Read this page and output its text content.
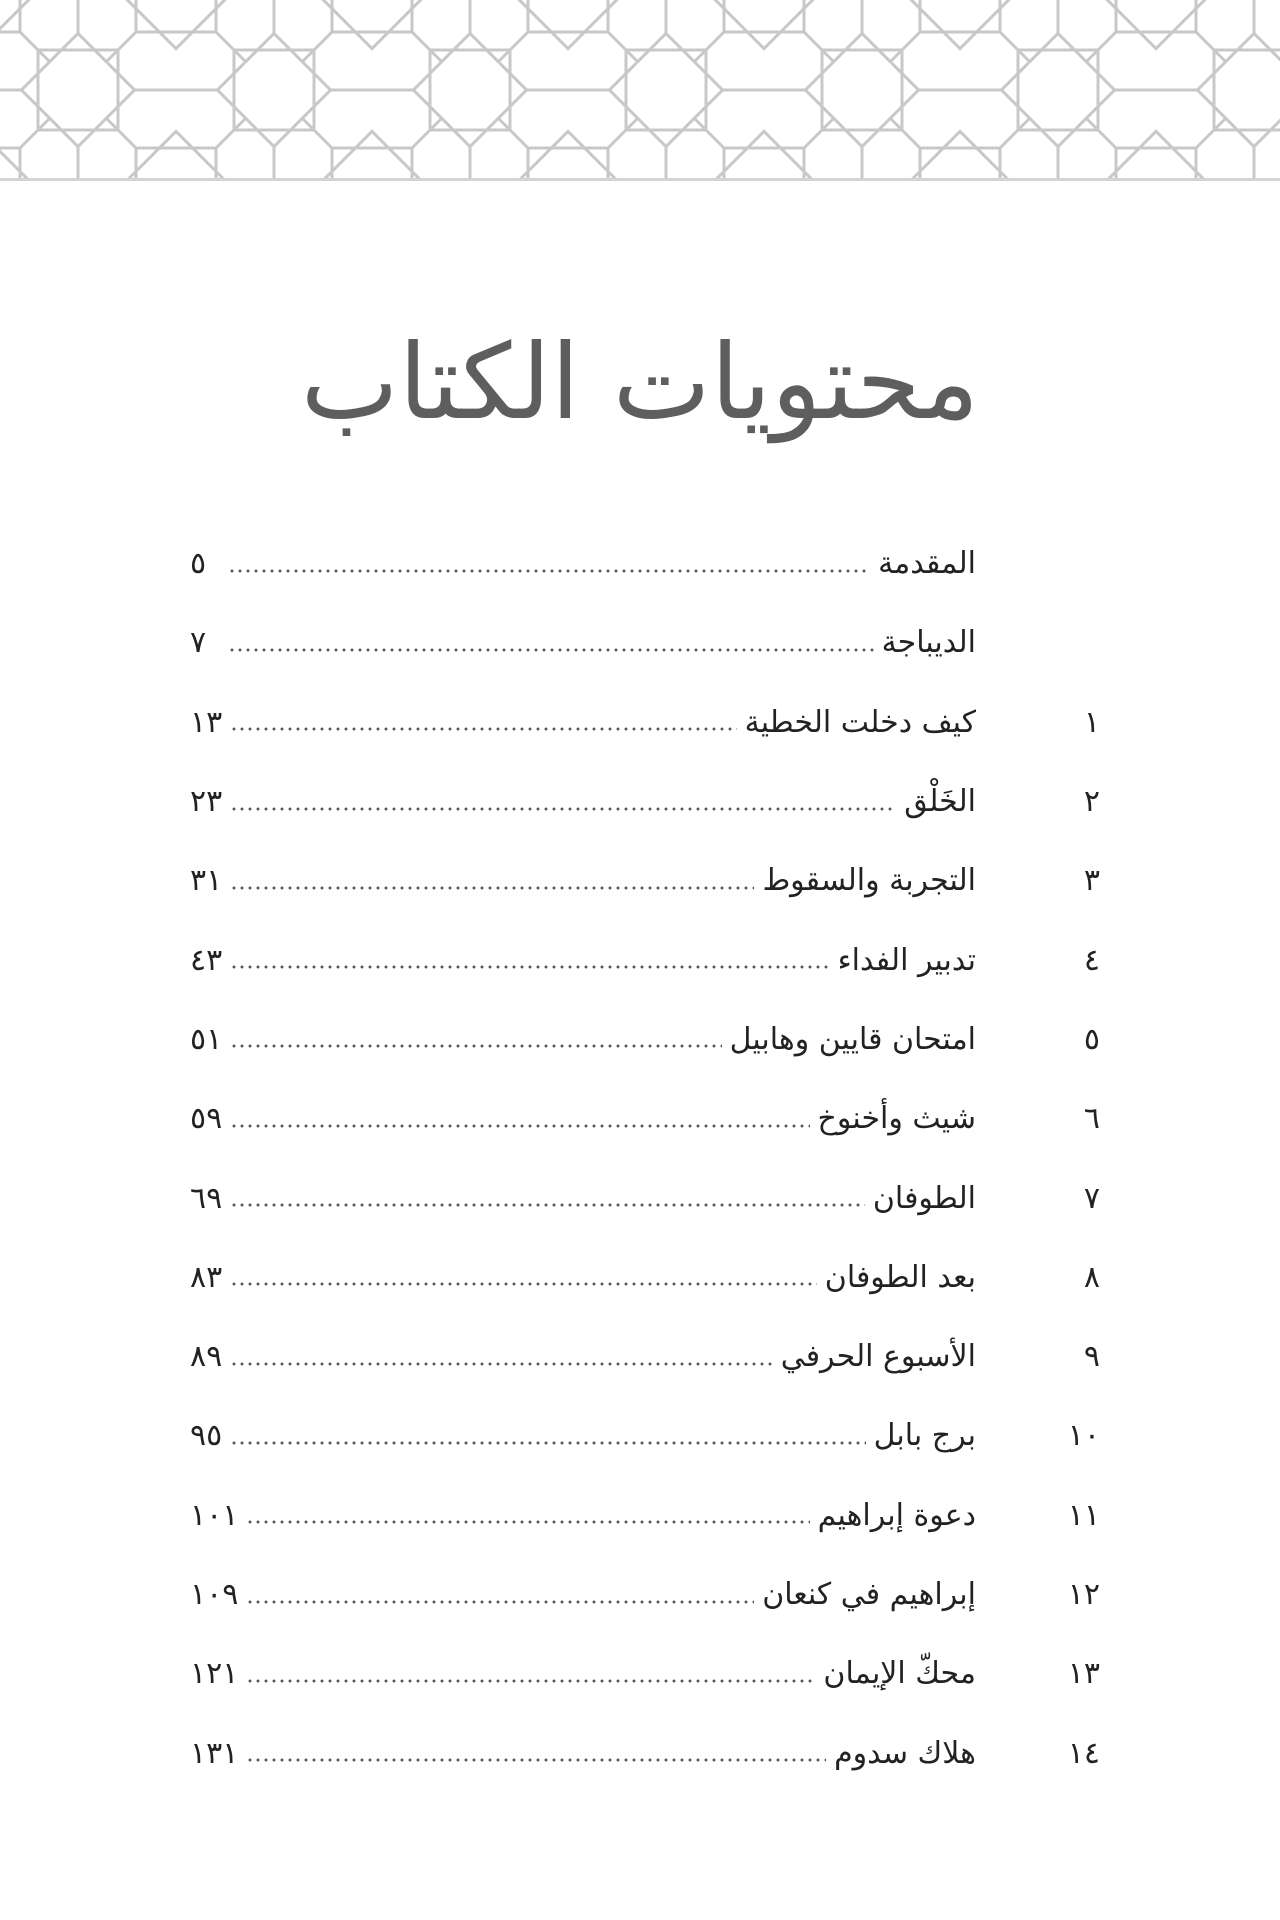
محتويات الكتاب
المقدمة
٥
الديباجة
٧
١
كيف دخلت الخطية
١٣
٢
الخَلْق
٢٣
٣
التجربة والسقوط
٣١
٤
تدبير الفداء
٤٣
٥
امتحان قايين وهابيل
٥١
٦
شيث وأخنوخ
٥٩
٧
الطوفان
٦٩
٨
بعد الطوفان
٨٣
٩
الأسبوع الحرفي
٨٩
١٠
برج بابل
٩٥
١١
دعوة إبراهيم
١٠١
١٢
إبراهيم في كنعان
١٠٩
١٣
محكّ الإيمان
١٢١
١٤
هلاك سدوم
١٣١
